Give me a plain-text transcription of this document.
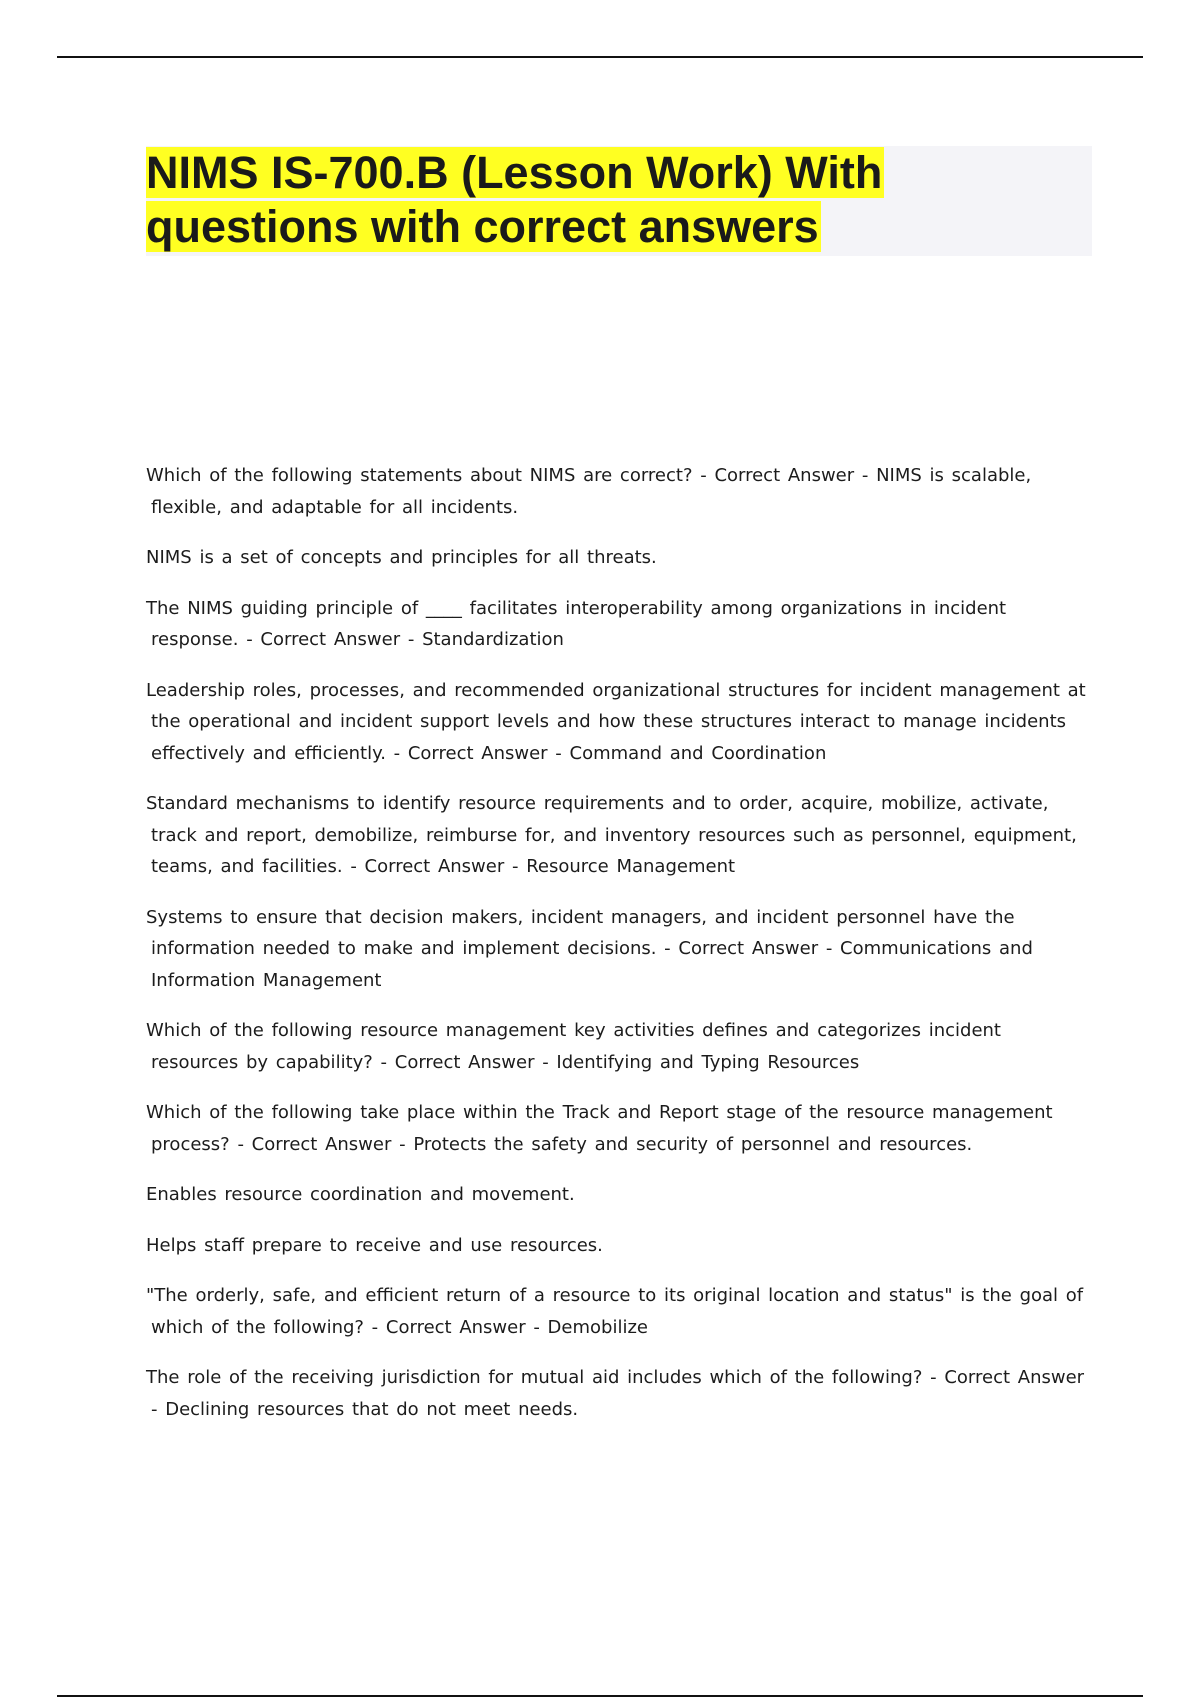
NIMS IS-700.B (Lesson Work) With questions with correct answers

Which of the following statements about NIMS are correct? - Correct Answer - NIMS is scalable, flexible, and adaptable for all incidents.

NIMS is a set of concepts and principles for all threats.

The NIMS guiding principle of ____ facilitates interoperability among organizations in incident response. - Correct Answer - Standardization

Leadership roles, processes, and recommended organizational structures for incident management at the operational and incident support levels and how these structures interact to manage incidents effectively and efficiently. - Correct Answer - Command and Coordination

Standard mechanisms to identify resource requirements and to order, acquire, mobilize, activate, track and report, demobilize, reimburse for, and inventory resources such as personnel, equipment, teams, and facilities. - Correct Answer - Resource Management

Systems to ensure that decision makers, incident managers, and incident personnel have the information needed to make and implement decisions. - Correct Answer - Communications and Information Management

Which of the following resource management key activities defines and categorizes incident resources by capability? - Correct Answer - Identifying and Typing Resources

Which of the following take place within the Track and Report stage of the resource management process? - Correct Answer - Protects the safety and security of personnel and resources.

Enables resource coordination and movement.

Helps staff prepare to receive and use resources.

"The orderly, safe, and efficient return of a resource to its original location and status" is the goal of which of the following? - Correct Answer - Demobilize

The role of the receiving jurisdiction for mutual aid includes which of the following? - Correct Answer - Declining resources that do not meet needs.
